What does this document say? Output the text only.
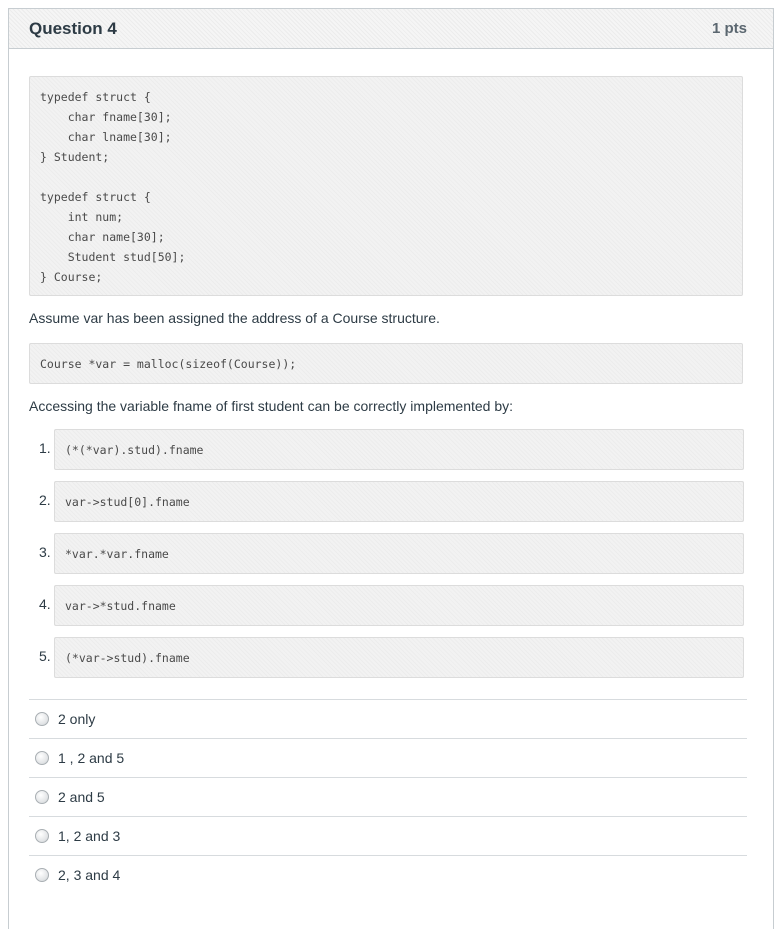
Question 4	1 pts
typedef struct {
char fname[30];
char lname[30];
} Student;

typedef struct {
int num;
char name[30];
Student stud[50];
} Course;
Assume var has been assigned the address of a Course structure.
Course *var = malloc(sizeof(Course));
Accessing the variable fname of first student can be correctly implemented by:
1. (*(*var).stud).fname
2. var->stud[0].fname
3. *var.*var.fname
4. var->*stud.fname
5. (*var->stud).fname
2 only
1 , 2 and 5
2 and 5
1, 2 and 3
2, 3 and 4
